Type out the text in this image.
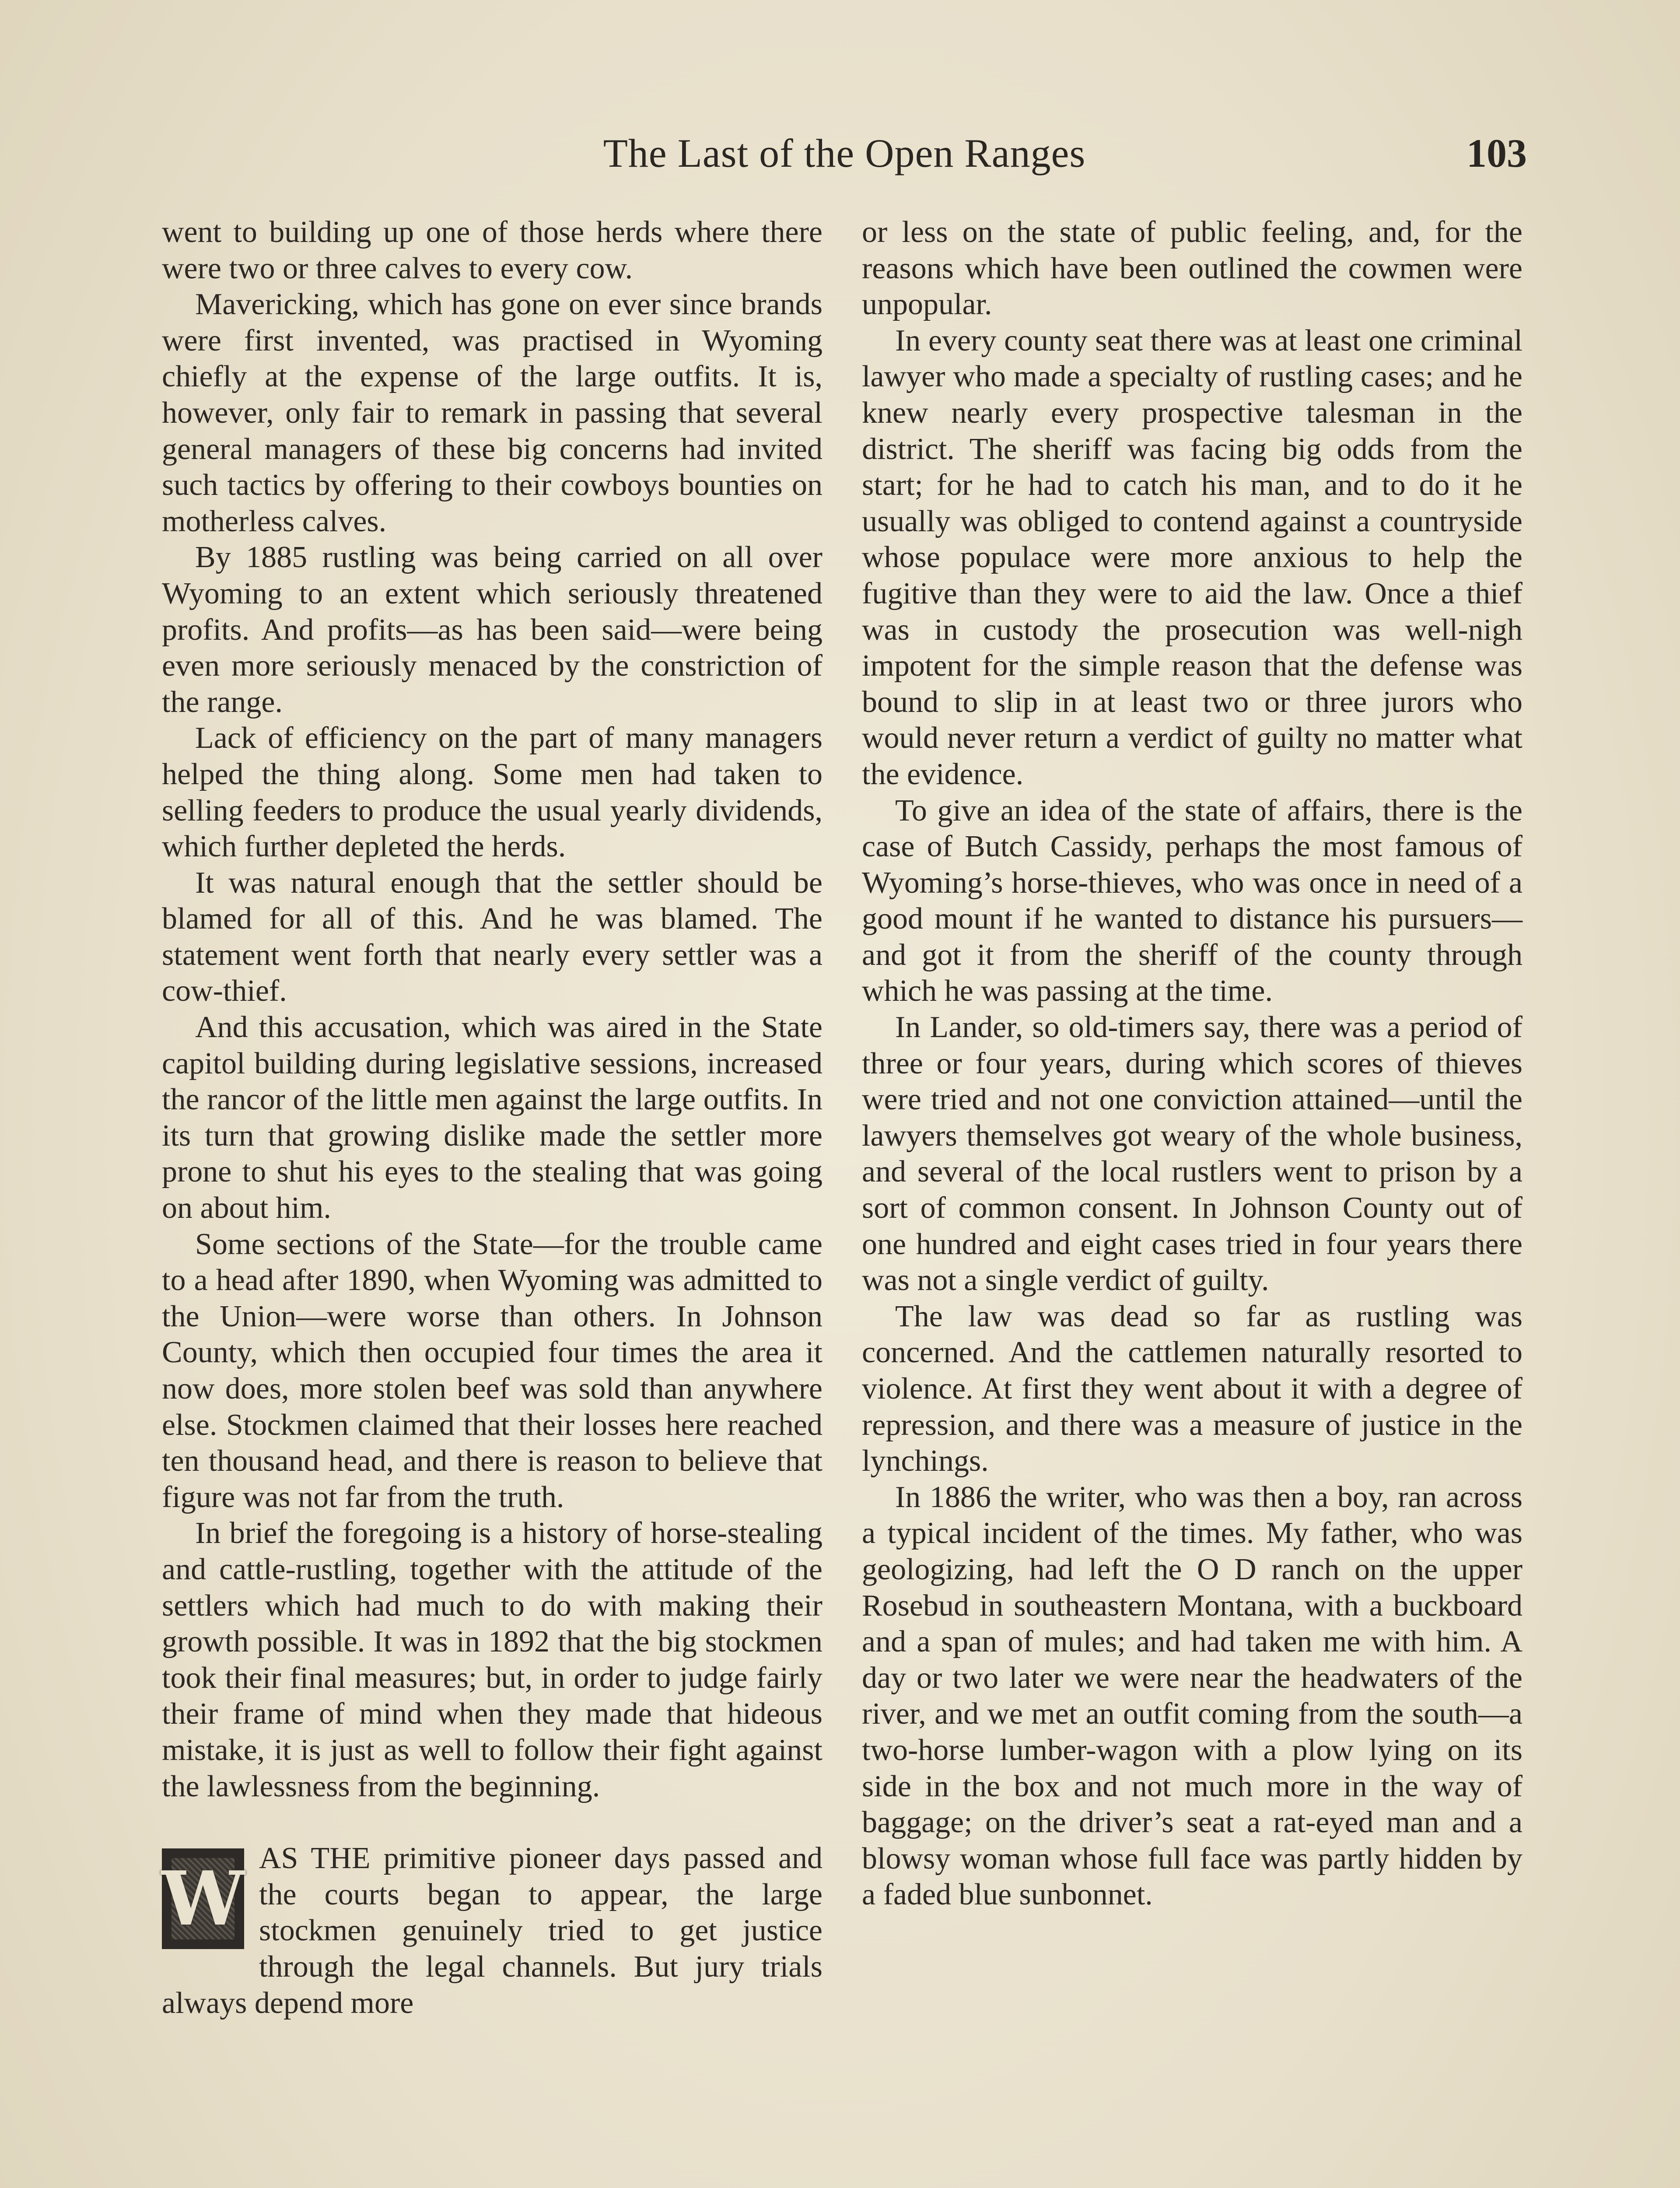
The Last of the Open Ranges	103

went to building up one of those herds where there were two or three calves to every cow.

Mavericking, which has gone on ever since brands were first invented, was practised in Wyoming chiefly at the expense of the large outfits. It is, however, only fair to remark in passing that several general managers of these big concerns had invited such tactics by offering to their cowboys bounties on motherless calves.

By 1885 rustling was being carried on all over Wyoming to an extent which seriously threatened profits. And profits—as has been said—were being even more seriously menaced by the constriction of the range.

Lack of efficiency on the part of many managers helped the thing along. Some men had taken to selling feeders to produce the usual yearly dividends, which further depleted the herds.

It was natural enough that the settler should be blamed for all of this. And he was blamed. The statement went forth that nearly every settler was a cow-thief.

And this accusation, which was aired in the State capitol building during legislative sessions, increased the rancor of the little men against the large outfits. In its turn that growing dislike made the settler more prone to shut his eyes to the stealing that was going on about him.

Some sections of the State—for the trouble came to a head after 1890, when Wyoming was admitted to the Union—were worse than others. In Johnson County, which then occupied four times the area it now does, more stolen beef was sold than anywhere else. Stockmen claimed that their losses here reached ten thousand head, and there is reason to believe that figure was not far from the truth.

In brief the foregoing is a history of horse-stealing and cattle-rustling, together with the attitude of the settlers which had much to do with making their growth possible. It was in 1892 that the big stockmen took their final measures; but, in order to judge fairly their frame of mind when they made that hideous mistake, it is just as well to follow their fight against the lawlessness from the beginning.

W AS THE primitive pioneer days passed and the courts began to appear, the large stockmen genuinely tried to get justice through the legal channels. But jury trials always depend more

or less on the state of public feeling, and, for the reasons which have been outlined the cowmen were unpopular.

In every county seat there was at least one criminal lawyer who made a specialty of rustling cases; and he knew nearly every prospective talesman in the district. The sheriff was facing big odds from the start; for he had to catch his man, and to do it he usually was obliged to contend against a countryside whose populace were more anxious to help the fugitive than they were to aid the law. Once a thief was in custody the prosecution was well-nigh impotent for the simple reason that the defense was bound to slip in at least two or three jurors who would never return a verdict of guilty no matter what the evidence.

To give an idea of the state of affairs, there is the case of Butch Cassidy, perhaps the most famous of Wyoming’s horse-thieves, who was once in need of a good mount if he wanted to distance his pursuers—and got it from the sheriff of the county through which he was passing at the time.

In Lander, so old-timers say, there was a period of three or four years, during which scores of thieves were tried and not one conviction attained—until the lawyers themselves got weary of the whole business, and several of the local rustlers went to prison by a sort of common consent. In Johnson County out of one hundred and eight cases tried in four years there was not a single verdict of guilty.

The law was dead so far as rustling was concerned. And the cattlemen naturally resorted to violence. At first they went about it with a degree of repression, and there was a measure of justice in the lynchings.

In 1886 the writer, who was then a boy, ran across a typical incident of the times. My father, who was geologizing, had left the O D ranch on the upper Rosebud in southeastern Montana, with a buckboard and a span of mules; and had taken me with him. A day or two later we were near the headwaters of the river, and we met an outfit coming from the south—a two-horse lumber-wagon with a plow lying on its side in the box and not much more in the way of baggage; on the driver’s seat a rat-eyed man and a blowsy woman whose full face was partly hidden by a faded blue sunbonnet.
